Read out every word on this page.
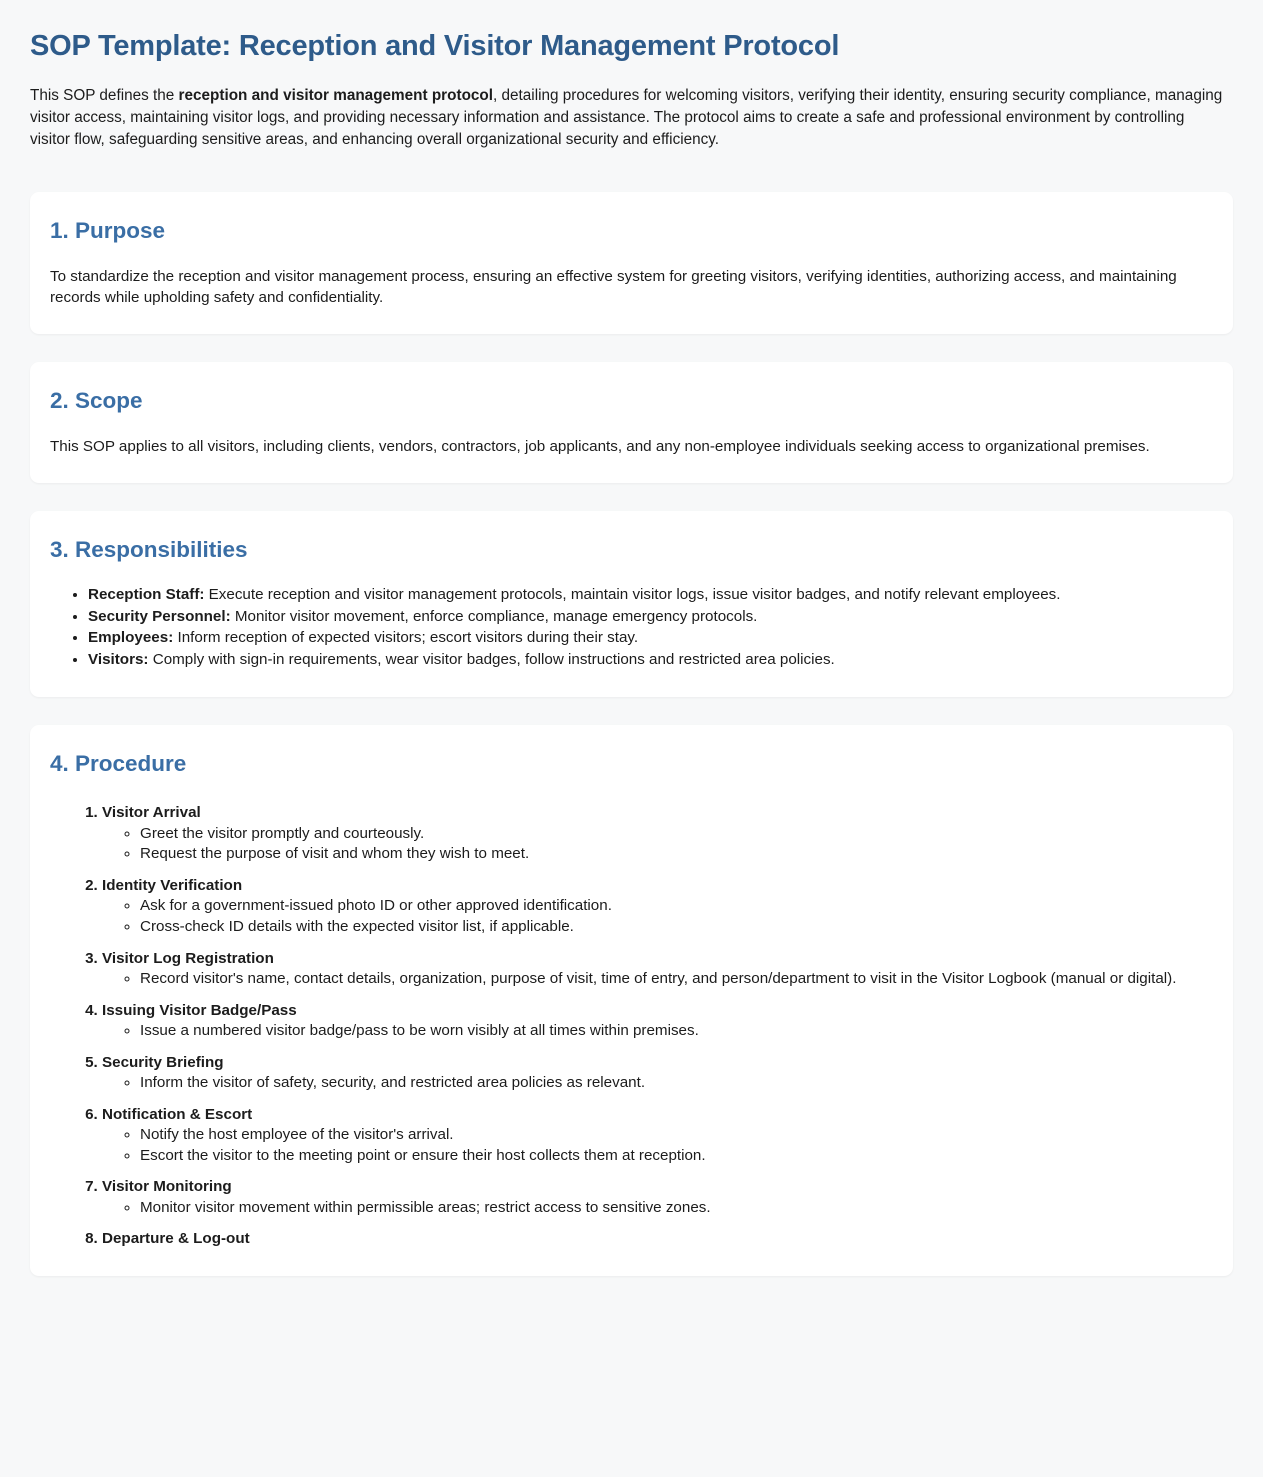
SOP Template: Reception and Visitor Management Protocol

This SOP defines the reception and visitor management protocol, detailing procedures for welcoming visitors, verifying their identity, ensuring security compliance, managing visitor access, maintaining visitor logs, and providing necessary information and assistance. The protocol aims to create a safe and professional environment by controlling visitor flow, safeguarding sensitive areas, and enhancing overall organizational security and efficiency.

1. Purpose

To standardize the reception and visitor management process, ensuring an effective system for greeting visitors, verifying identities, authorizing access, and maintaining records while upholding safety and confidentiality.

2. Scope

This SOP applies to all visitors, including clients, vendors, contractors, job applicants, and any non-employee individuals seeking access to organizational premises.

3. Responsibilities
• Reception Staff: Execute reception and visitor management protocols, maintain visitor logs, issue visitor badges, and notify relevant employees.
• Security Personnel: Monitor visitor movement, enforce compliance, manage emergency protocols.
• Employees: Inform reception of expected visitors; escort visitors during their stay.
• Visitors: Comply with sign-in requirements, wear visitor badges, follow instructions and restricted area policies.
4. Procedure
1. Visitor Arrival
◦ Greet the visitor promptly and courteously.
◦ Request the purpose of visit and whom they wish to meet.
2. Identity Verification
◦ Ask for a government-issued photo ID or other approved identification.
◦ Cross-check ID details with the expected visitor list, if applicable.
3. Visitor Log Registration
◦ Record visitor's name, contact details, organization, purpose of visit, time of entry, and person/department to visit in the Visitor Logbook (manual or digital).
4. Issuing Visitor Badge/Pass
◦ Issue a numbered visitor badge/pass to be worn visibly at all times within premises.
5. Security Briefing
◦ Inform the visitor of safety, security, and restricted area policies as relevant.
6. Notification & Escort
◦ Notify the host employee of the visitor's arrival.
◦ Escort the visitor to the meeting point or ensure their host collects them at reception.
7. Visitor Monitoring
◦ Monitor visitor movement within permissible areas; restrict access to sensitive zones.
8. Departure & Log-out
